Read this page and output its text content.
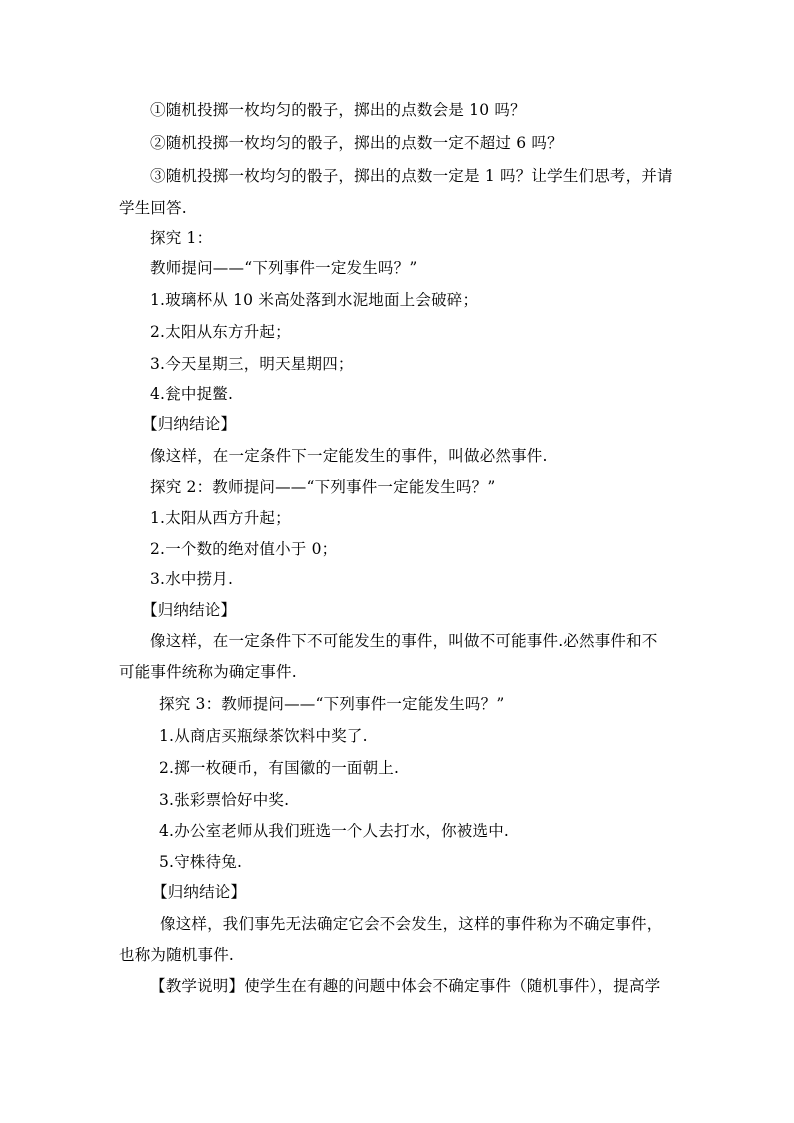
①随机投掷一枚均匀的骰子，掷出的点数会是 10 吗？
②随机投掷一枚均匀的骰子，掷出的点数一定不超过 6 吗？
③随机投掷一枚均匀的骰子，掷出的点数一定是 1 吗？让学生们思考，并请
学生回答.
探究 1：
教师提问——“下列事件一定发生吗？”
1.玻璃杯从 10 米高处落到水泥地面上会破碎；
2.太阳从东方升起；
3.今天星期三，明天星期四；
4.瓮中捉鳖.
【归纳结论】
像这样，在一定条件下一定能发生的事件，叫做必然事件.
探究 2：教师提问——“下列事件一定能发生吗？”
1.太阳从西方升起；
2.一个数的绝对值小于 0；
3.水中捞月.
【归纳结论】
像这样，在一定条件下不可能发生的事件，叫做不可能事件.必然事件和不
可能事件统称为确定事件.
探究 3：教师提问——“下列事件一定能发生吗？”
1.从商店买瓶绿茶饮料中奖了.
2.掷一枚硬币，有国徽的一面朝上.
3.张彩票恰好中奖.
4.办公室老师从我们班选一个人去打水，你被选中.
5.守株待兔.
【归纳结论】
像这样，我们事先无法确定它会不会发生，这样的事件称为不确定事件，
也称为随机事件.
【教学说明】使学生在有趣的问题中体会不确定事件（随机事件），提高学
